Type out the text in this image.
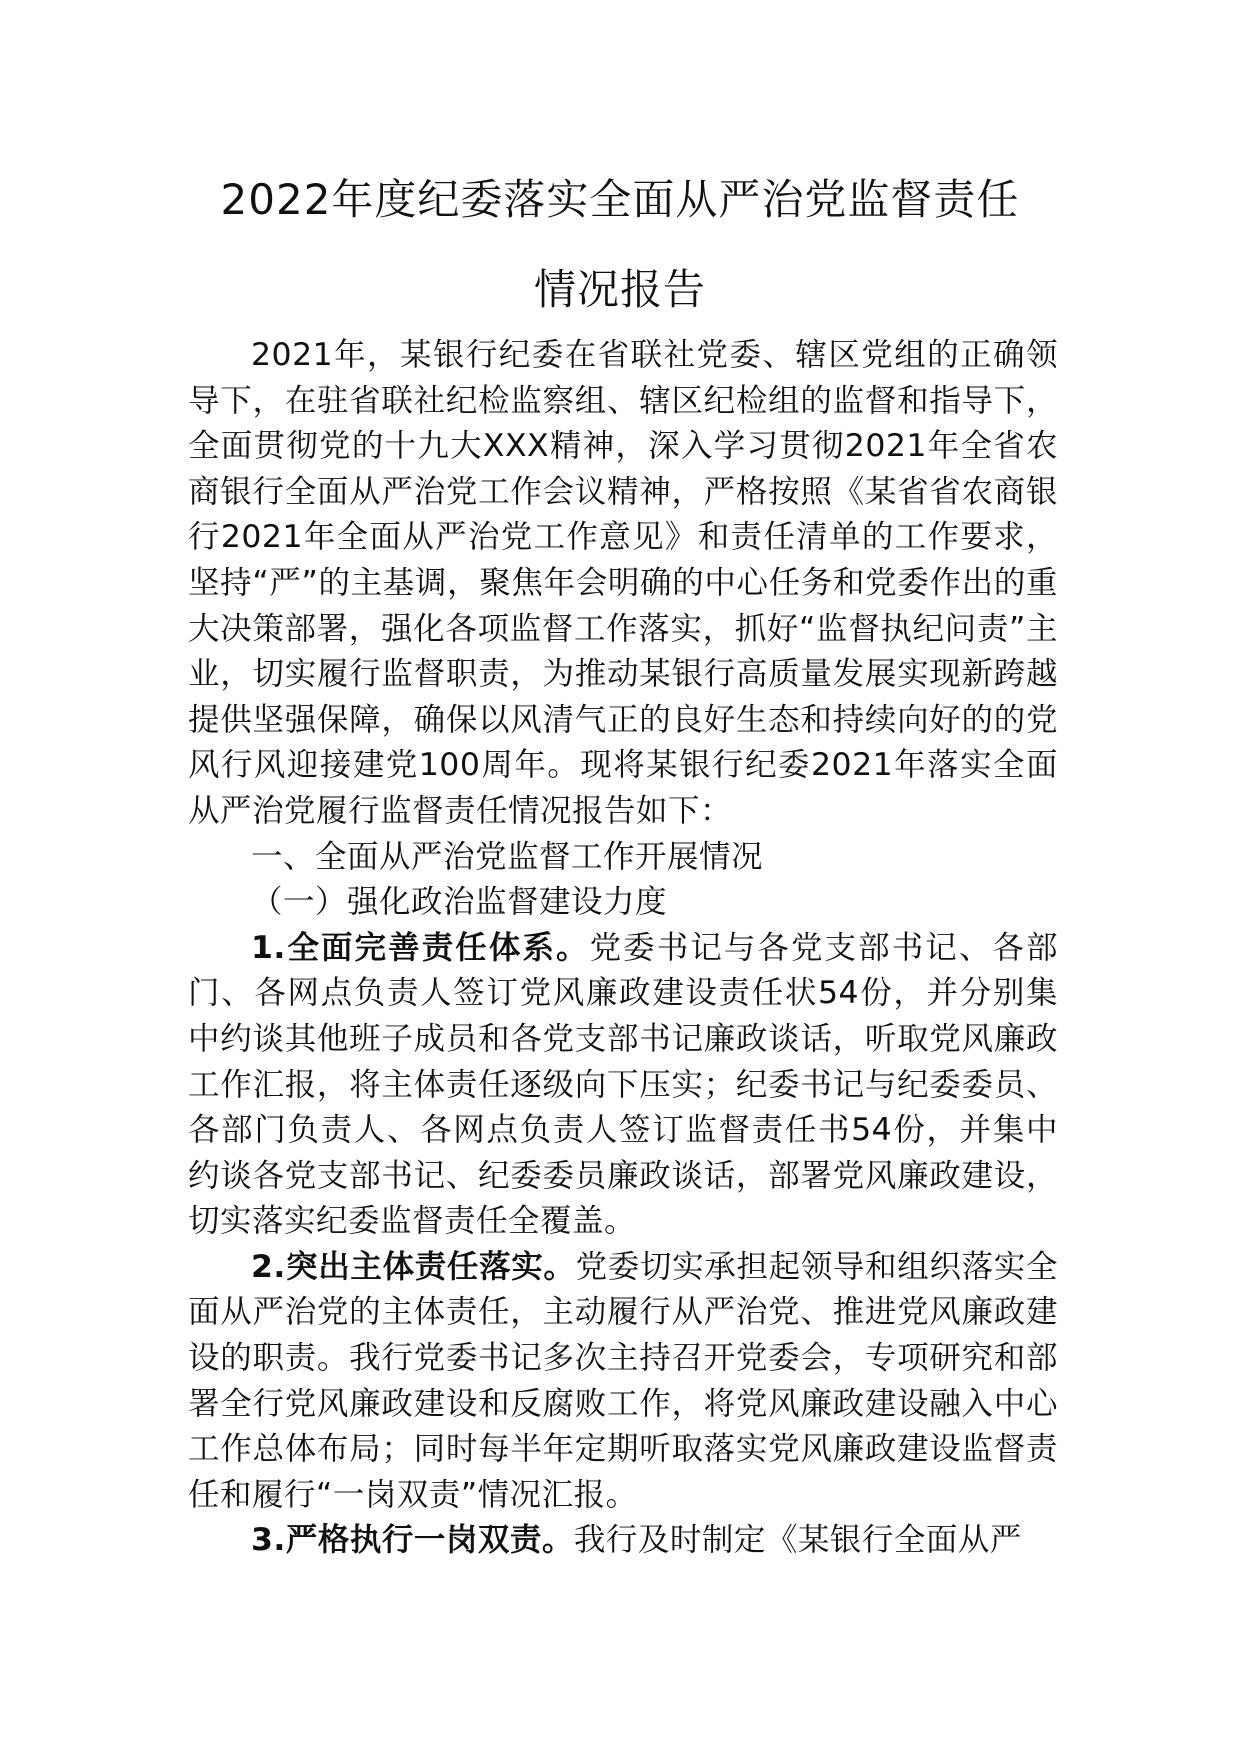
2022年度纪委落实全面从严治党监督责任
情况报告

2021年，某银行纪委在省联社党委、辖区党组的正确领导下，在驻省联社纪检监察组、辖区纪检组的监督和指导下，全面贯彻党的十九大XXX精神，深入学习贯彻2021年全省农商银行全面从严治党工作会议精神，严格按照《某省省农商银行2021年全面从严治党工作意见》和责任清单的工作要求，坚持“严”的主基调，聚焦年会明确的中心任务和党委作出的重大决策部署，强化各项监督工作落实，抓好“监督执纪问责”主业，切实履行监督职责，为推动某银行高质量发展实现新跨越提供坚强保障，确保以风清气正的良好生态和持续向好的的党风行风迎接建党100周年。现将某银行纪委2021年落实全面从严治党履行监督责任情况报告如下：

一、全面从严治党监督工作开展情况

（一）强化政治监督建设力度

1.全面完善责任体系。党委书记与各党支部书记、各部门、各网点负责人签订党风廉政建设责任状54份，并分别集中约谈其他班子成员和各党支部书记廉政谈话，听取党风廉政工作汇报，将主体责任逐级向下压实；纪委书记与纪委委员、各部门负责人、各网点负责人签订监督责任书54份，并集中约谈各党支部书记、纪委委员廉政谈话，部署党风廉政建设，切实落实纪委监督责任全覆盖。

2.突出主体责任落实。党委切实承担起领导和组织落实全面从严治党的主体责任，主动履行从严治党、推进党风廉政建设的职责。我行党委书记多次主持召开党委会，专项研究和部署全行党风廉政建设和反腐败工作，将党风廉政建设融入中心工作总体布局；同时每半年定期听取落实党风廉政建设监督责任和履行“一岗双责”情况汇报。

3.严格执行一岗双责。我行及时制定《某银行全面从严
